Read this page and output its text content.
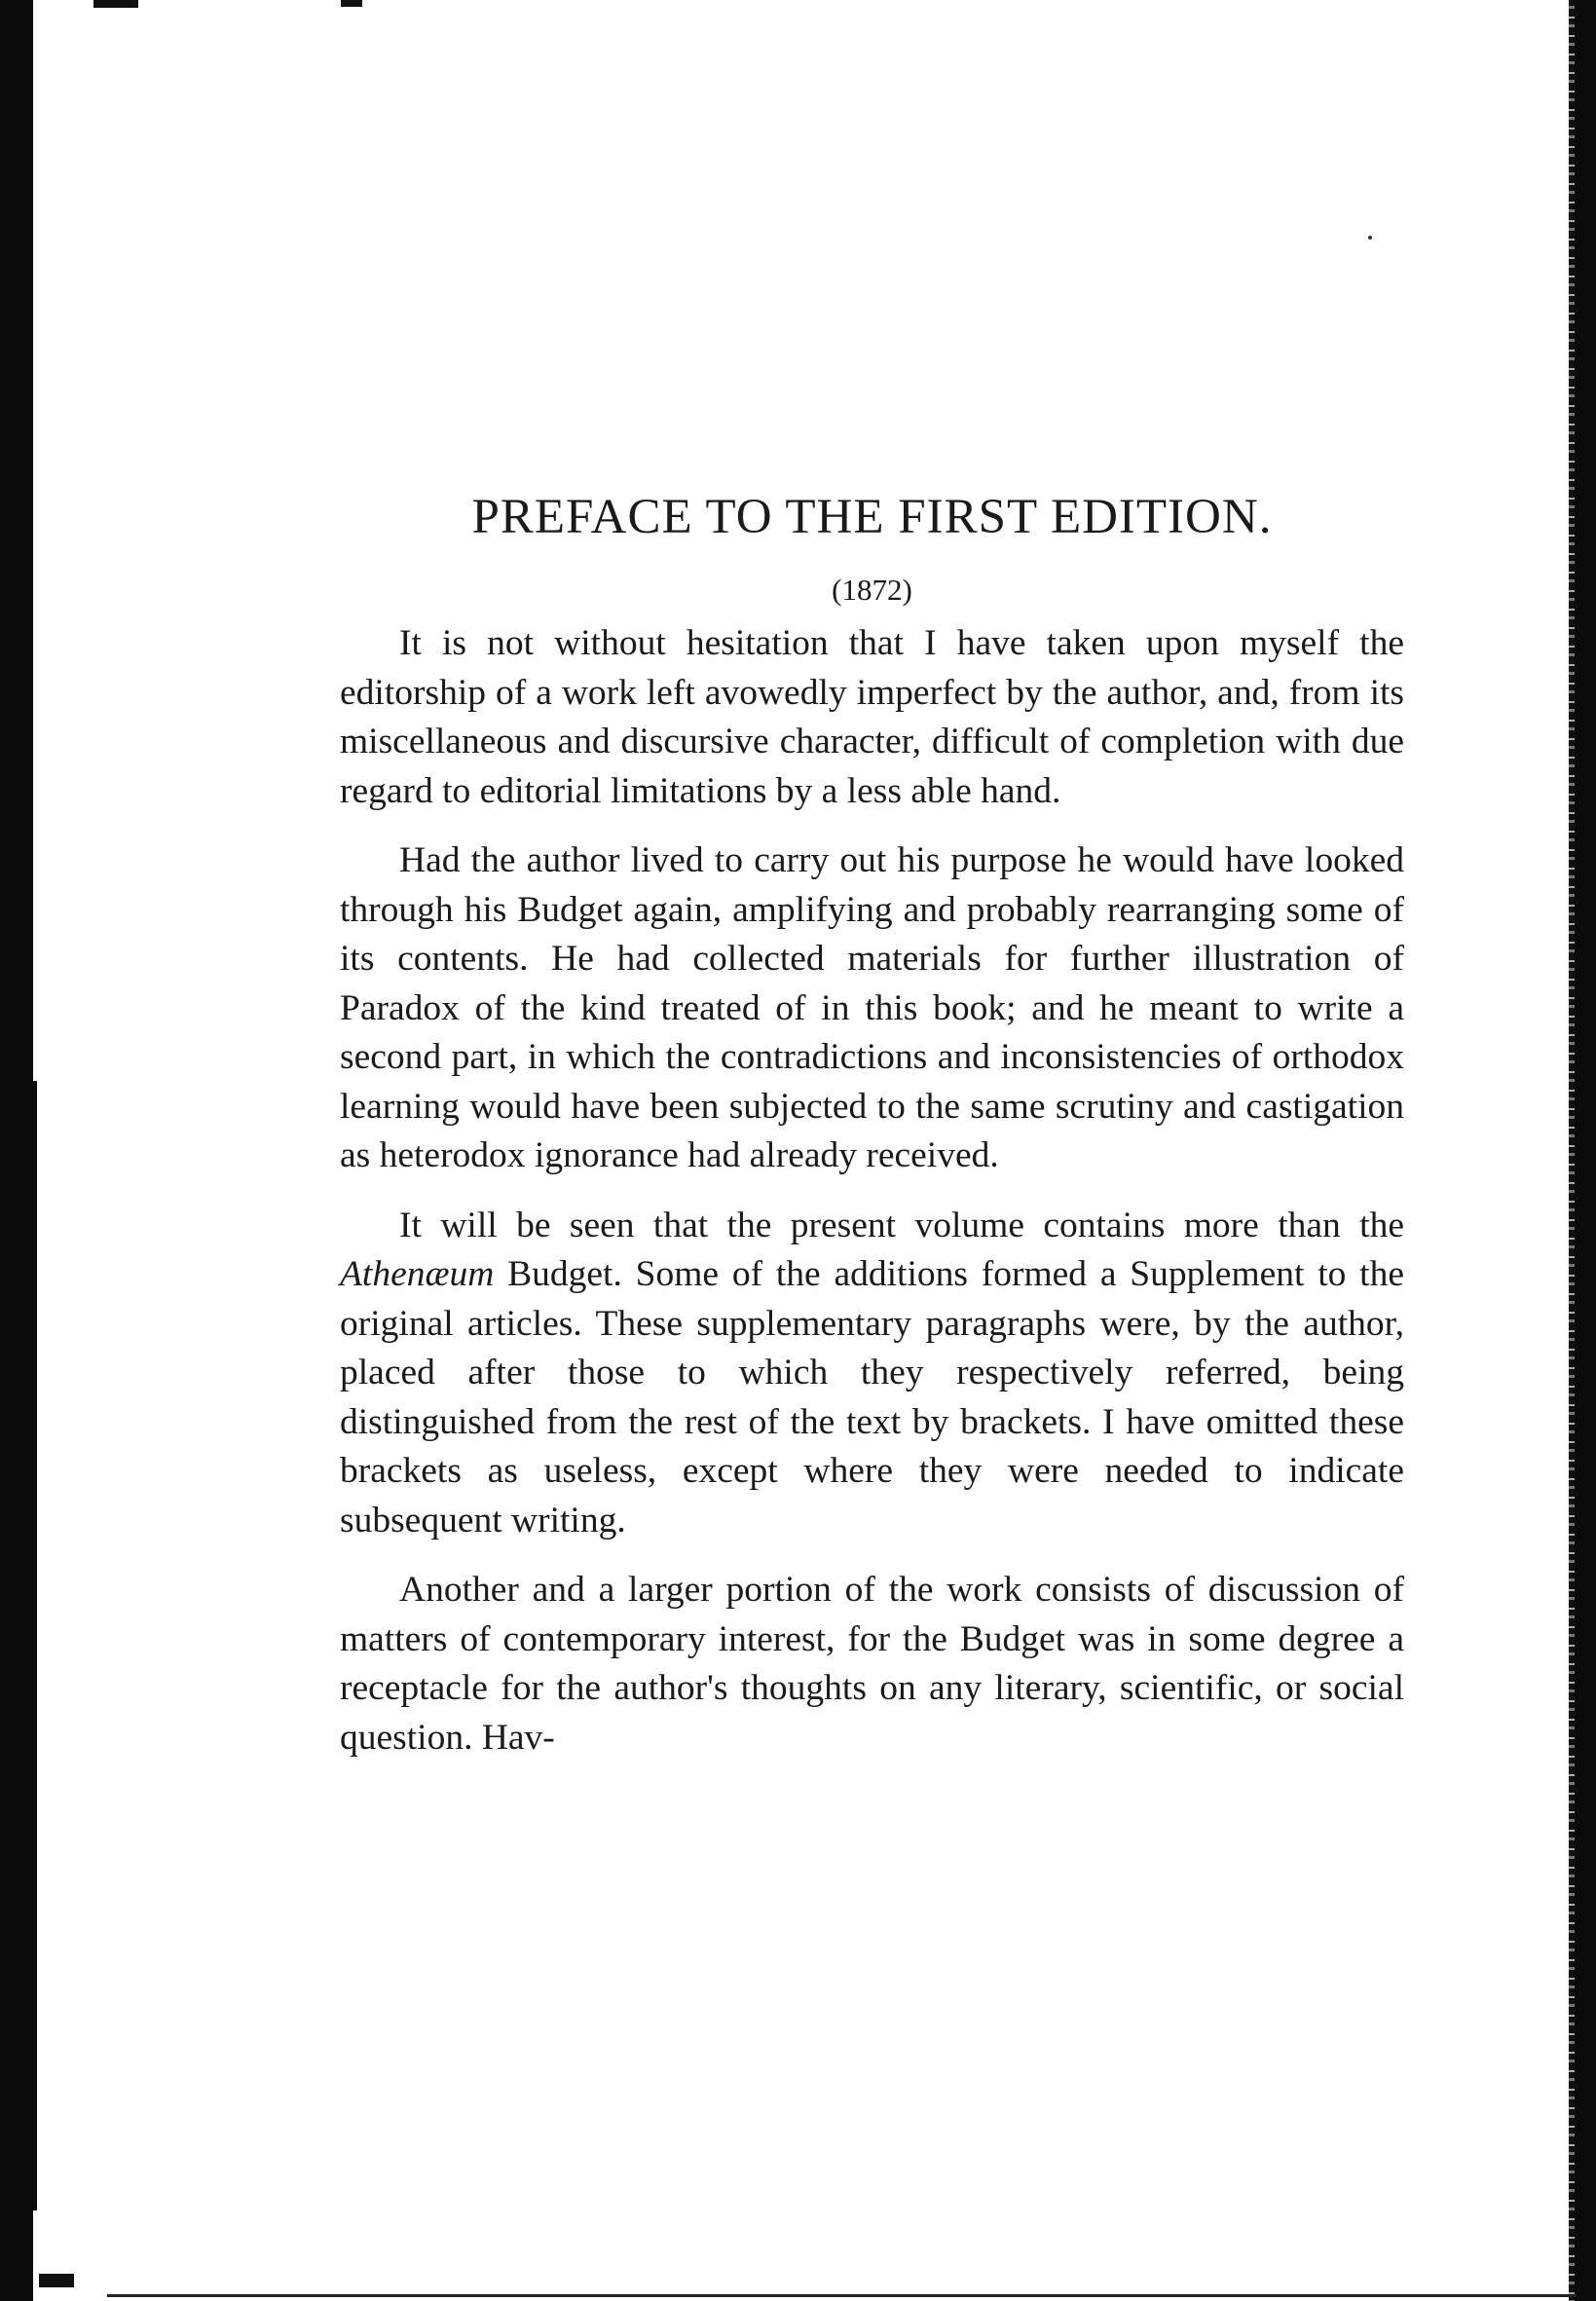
PREFACE TO THE FIRST EDITION.
(1872)

It is not without hesitation that I have taken upon myself the editorship of a work left avowedly imperfect by the author, and, from its miscellaneous and discursive character, difficult of completion with due regard to editorial limitations by a less able hand.

Had the author lived to carry out his purpose he would have looked through his Budget again, amplifying and probably rearranging some of its contents. He had collected materials for further illustration of Paradox of the kind treated of in this book; and he meant to write a second part, in which the contradictions and inconsistencies of orthodox learning would have been subjected to the same scrutiny and castigation as heterodox ignorance had already received.

It will be seen that the present volume contains more than the Athenæum Budget. Some of the additions formed a Supplement to the original articles. These supplementary paragraphs were, by the author, placed after those to which they respectively referred, being distinguished from the rest of the text by brackets. I have omitted these brackets as useless, except where they were needed to indicate subsequent writing.

Another and a larger portion of the work consists of discussion of matters of contemporary interest, for the Budget was in some degree a receptacle for the author's thoughts on any literary, scientific, or social question. Hav-
